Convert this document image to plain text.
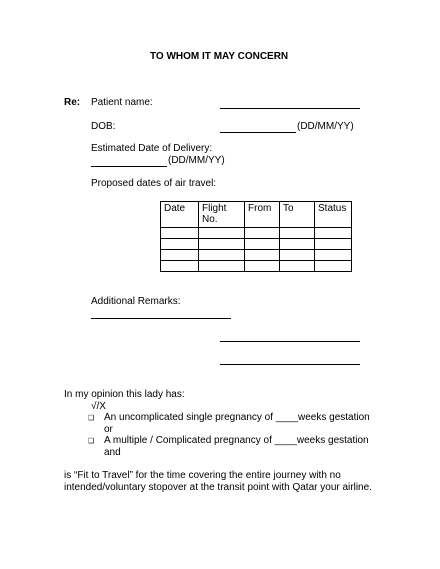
TO WHOM IT MAY CONCERN
Re: Patient name:
DOB:	(DD/MM/YY)
Estimated Date of Delivery:
(DD/MM/YY)
Proposed dates of air travel:
Date	Flight No.	From	To	Status

Additional Remarks:
In my opinion this lady has:
√/X
❑ An uncomplicated single pregnancy of ____weeks gestation
or
❑ A multiple / Complicated pregnancy of ____weeks gestation
and
is “Fit to Travel” for the time covering the entire journey with no
intended/voluntary stopover at the transit point with Qatar your airline.
